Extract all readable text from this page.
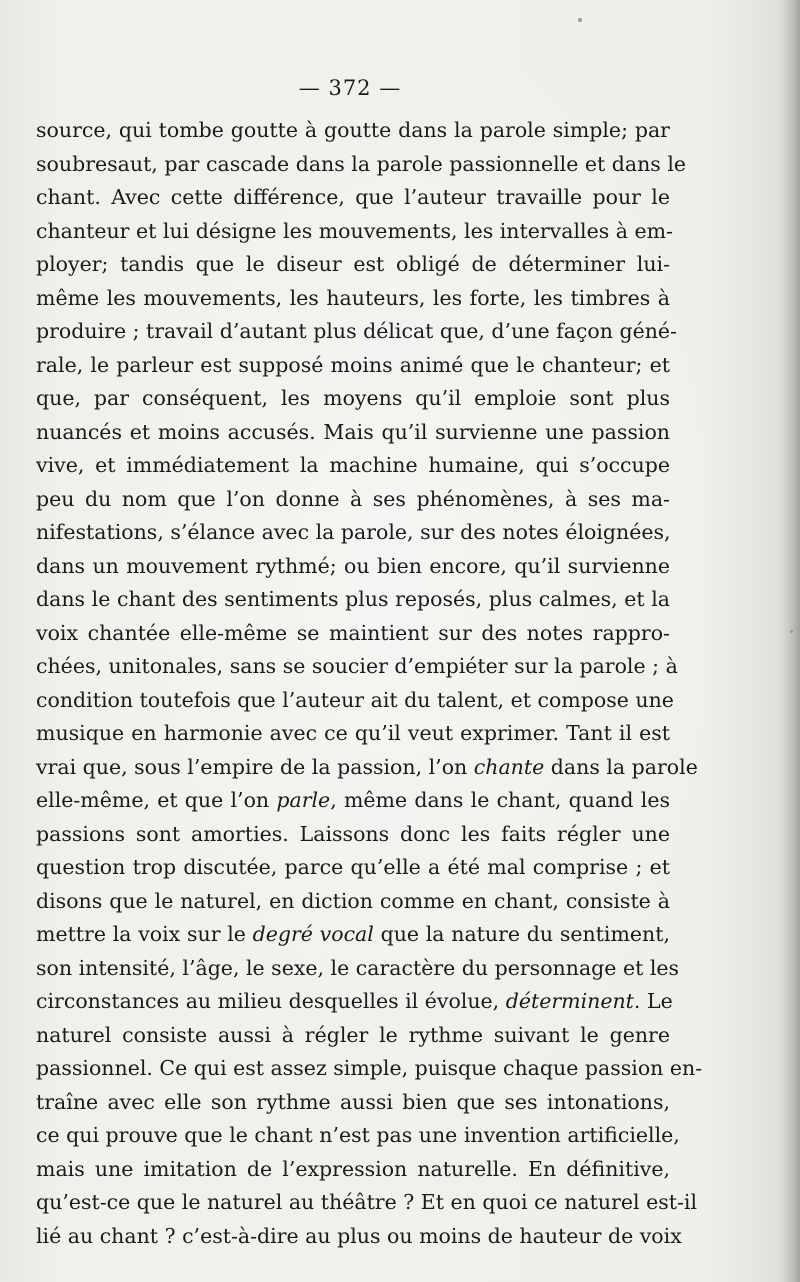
— 372 —
source, qui tombe goutte à goutte dans la parole simple; par
soubresaut, par cascade dans la parole passionnelle et dans le
chant. Avec cette différence, que l’auteur travaille pour le
chanteur et lui désigne les mouvements, les intervalles à em-
ployer; tandis que le diseur est obligé de déterminer lui-
même les mouvements, les hauteurs, les forte, les timbres à
produire ; travail d’autant plus délicat que, d’une façon géné-
rale, le parleur est supposé moins animé que le chanteur; et
que, par conséquent, les moyens qu’il emploie sont plus
nuancés et moins accusés. Mais qu’il survienne une passion
vive, et immédiatement la machine humaine, qui s’occupe
peu du nom que l’on donne à ses phénomènes, à ses ma-
nifestations, s’élance avec la parole, sur des notes éloignées,
dans un mouvement rythmé; ou bien encore, qu’il survienne
dans le chant des sentiments plus reposés, plus calmes, et la
voix chantée elle-même se maintient sur des notes rappro-
chées, unitonales, sans se soucier d’empiéter sur la parole ; à
condition toutefois que l’auteur ait du talent, et compose une
musique en harmonie avec ce qu’il veut exprimer. Tant il est
vrai que, sous l’empire de la passion, l’on chante dans la parole
elle-même, et que l’on parle, même dans le chant, quand les
passions sont amorties. Laissons donc les faits régler une
question trop discutée, parce qu’elle a été mal comprise ; et
disons que le naturel, en diction comme en chant, consiste à
mettre la voix sur le degré vocal que la nature du sentiment,
son intensité, l’âge, le sexe, le caractère du personnage et les
circonstances au milieu desquelles il évolue, déterminent. Le
naturel consiste aussi à régler le rythme suivant le genre
passionnel. Ce qui est assez simple, puisque chaque passion en-
traîne avec elle son rythme aussi bien que ses intonations,
ce qui prouve que le chant n’est pas une invention artificielle,
mais une imitation de l’expression naturelle. En définitive,
qu’est-ce que le naturel au théâtre ? Et en quoi ce naturel est-il
lié au chant ? c’est-à-dire au plus ou moins de hauteur de voix
